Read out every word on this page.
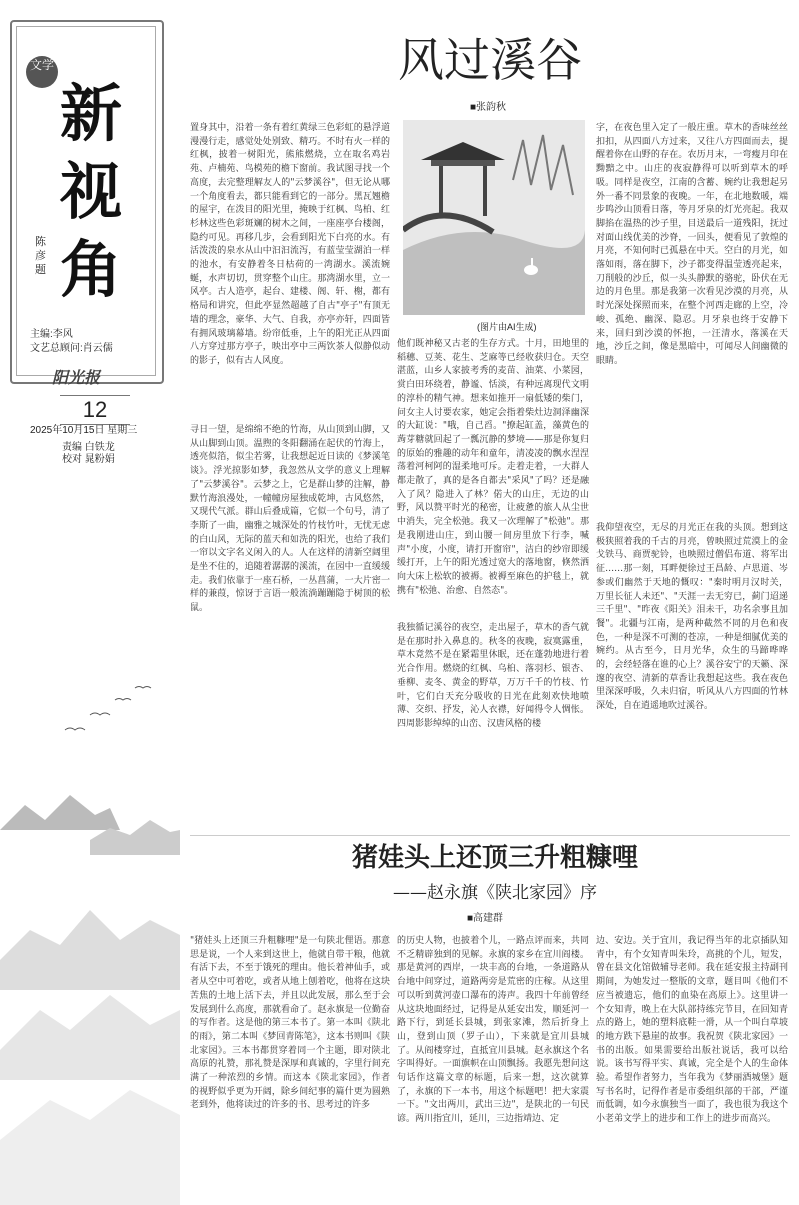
文学
新视角
陈彦题
主编:李风
文艺总顾问:肖云儒
阳光报
12
2025年10月15日 星期三
责编 白铁龙
校对 晁粉娟
风过溪谷
■张韵秋
置身其中，沿着一条有着红黄绿三色彩虹的悬浮道漫漫行走，感觉处处别致、精巧。不时有火一样的红枫，披着一树阳光，熊熊燃烧，立在取名鸡岩苑、卢楠苑、鸟模苑的檐下窗前。我试图寻找一个高度，去完整理解友人的"云梦溪谷"，但无论从哪一个角度看去，都只能看到它的一部分。黑瓦翘檐的屋宇，在泼目的阳光里，掩映于红枫、鸟柏、红杉林这些色彩斑斓的树木之间，一座座亭台楼阁，隐约可见。再移几步，会看到阳光下白亮的水。有活泼泼的泉水从山中汩汩流泻，有蓝莹莹湖泊一样的池水，有安静着冬日枯荷的一湾湖水。溪流婉蜒，水声切切，贯穿整个山庄。那湾湖水里，立一风亭。古人造亭，起台、建楼、阁、轩、榭，都有格局和讲究，但此亭显然超越了自古"亭子"有顶无墙的理念，豪华、大气、自我，亦亭亦轩，四面皆有拥风玻璃幕墙。纷帘低垂，上午的阳光正从四面八方穿过那方亭子，映出亭中三两饮茶人似静似动的影子，似有古人风度。
寻日一望，是绵绵不绝的竹海，从山顶到山脚，又从山脚到山顶。温煦的冬阳翻涌在起伏的竹海上，透亮似箔，似尘若雾，让我想起近日读的《梦溪笔谈》。浮光掠影如梦，我忽然从文学的意义上理解了"云梦溪谷"。云梦之上，它是群山梦的注解，静默竹海浪漫处，一幢幢房屋独成乾坤，古风悠然，又现代气派。群山后叠成篇，它似一个句号，清了李斯了一曲，幽雅之城深处的竹枝竹叶，无忧无虑的白山风，无际的蓝天和如洗的阳光，也给了我们一帘以文字名义闲入的人。人在这样的清新空阔里是坐不住的，追随着潺潺的溪流，在园中一直缓缓走。我们依靠于一座石桥，一丛菖蒲，一大片密一样的兼葭，惊讶于言语一般流淌蹦蹦隐于树顶的松鼠。
(图片由AI生成)
他们既神秘又古老的生存方式。十月，田地里的稻穗、豆荚、花生、芝麻等已经收获归仓。天空湛蓝，山乡人家披考秀的麦苗、油菜、小菜园，赏白田环绕着，静谧、恬淡，有种远离现代文明的淳朴的精气神。想来如推开一扇低矮的柴门，问女主人讨要农家，她定会指着柴灶边洞泽幽深的大缸说："哦，自己舀。"撩起缸盖，藻黄色的蒟芽糖就回起了一瓢沉静的梦境——那是你复归的原始的雅趣的动年和童年，清凌凌的飘水涅涅荡着河柯阿的湿柔地可斥。走着走着，一大群人都走散了，真的是各自都去"采风"了吗？还是融入了风？隐进入了林？偌大的山庄，无边的山野，风以赞平时光的秘密，让疲惫的旅人从尘世中消失，完全松弛。我又一次理解了"松弛"。那是我刚进山庄，到山腰一间房里放下行李，喊声"小度，小度，请打开窗帘"，洁白的纱帘即缓缓打开，上午的阳光透过宽大的落地窗，倏然洒向大床上松软的被褥。被褥至麻色的护毯上，就携有"松弛、治愈、自然态"。
我独循记溪谷的夜空，走出屋子，草木的香气就是在那时扑入鼻息的。秋冬的夜晚，寂寞露重，草木竟然不是在紧霜里休眠，还在蓬勃地进行着光合作用。燃烧的红枫、乌桕、落羽杉、银杏、垂柳、麦冬、黄金的野草，万万千千的竹枝、竹叶，它们白天充分吸收的日光在此刻欢快地喷薄、交织、抒发，沁人衣襟，好闻得令人惆怅。四周影影绰绰的山峦、汉唐风格的楼
字，在夜色里入定了一般庄重。草木的香味丝丝扣扣，从四面八方过来，又往八方四面而去，提醒着你在山野的存在。农历月末，一弯瘦月印在黝黯之中。山庄的夜寂静得可以听到草木的呼吸。同样是夜空，江南的含蓄、婉约让我想起另外一番不同景象的夜晚。一年，在北地数暖，端步鸣沙山顶看日落，等月牙泉的灯光亮起。我双脚掐在温热的沙子里，目送最后一道残阳，抚过对面山线优美的沙脊，一回头，便看见了敦煌的月亮，不知何时已孤悬在中天。空白的月光，如落如雨，落在脚下，沙子都变得温莹透亮起来，刀削般的沙丘，似一头头静默的骆驼，卧伏在无边的月色里。那是我第一次看见沙漠的月亮，从时光深处探照而来，在整个河西走廊的上空，冷峻、孤绝、幽深、隐忍。月牙泉也终于安静下来，回归到沙漠的怀抱，一汪清水，落溪在天地，沙丘之间，像是黑暗中，可闻尽人间幽微的眼睛。
我仰望夜空，无尽的月光正在我的头顶。想到这极狭照着我的千古的月亮，曾映照过荒漠上的金戈铁马、商贾驼铃，也映照过僧侣布道、将军出征……那一刻，耳畔便徐过王昌龄、卢思道、岑参或们幽然于天地的慨叹："秦时明月汉时关，万里长征人未还"、"天涯一去无穷已，蓟门迢递三千里"、"昨夜《阳关》泪未干，功名余事且加餐"。北疆与江南，是两种截然不同的月色和夜色，一种是深不可测的苍凉，一种是细腻优美的婉约。从古至今，日月光华，众生的马蹄哗哗的，会经轻落在谁的心上？溪谷安宁的天籁、深邃的夜空、清新的草香让我想起这些。我在夜色里深深呼吸，久未归宿，听风从八方四面的竹林深处，自在逍遥地吹过溪谷。
猪娃头上还顶三升粗糠哩
——赵永旗《陕北家园》序
■高建群
"猪娃头上还顶三升粗糠哩"是一句陕北俚语。那意思是说，一个人来到这世上，他就自带干粮，他就有活下去，不至于饿死的理由。他长着神仙手，或者从空中可着吃，或者从地上刨着吃，他将在这块苦焦的土地上活下去，并且以此发展，那么至于会发展到什么高度，那就看命了。赵永旗是一位勤奋的写作者。这是他的第三本书了。第一本叫《陕北的雨》，第二本叫《梦回青陈笔》，这本书则叫《陕北家园》。三本书都贯穿着同一个主题，即对陕北高原的礼赞，那礼赞是深厚和真诚的，字里行间充满了一种浓烈的乡情。而这本《陕北家园》，作者的视野似乎更为开阔，除乡间纪事的篇什更为圆熟老到外，他将读过的许多的书、思考过的许多
的历史人物，也披着个儿，一路点评而来，共同不乏精辟独到的见解。永旗的家乡在宜川阎楼。那是黄河的西岸，一块丰高的台地，一条道路从台地中间穿过，道路两旁是荒密的庄稼。从这里可以听到黄河壶口瀑布的涛声。我四十年前曾经从这块地面经过，记得是从延安出发，顺延河一路下行，到延长县城，到张家滩，然后折身上山，登到山顶（罗子山），下来就是宜川县城了。从阎楼穿过，直抵宜川县城。赵永旗这个名字叫得好。一面旗帜在山顶飘扬。我愿先想问这句话作这篇文章的标题，后来一想，这次就算了，永旗的下一本书，用这个标题吧！把大家震一下。"文出两川，武出三边"，是陕北的一句民谚。两川指宜川，延川，三边指靖边、定
边、安边。关于宜川，我记得当年的北京插队知青中，有个女知青叫朱玲，高挑的个儿，短发，曾在县文化馆做辅导老师。我在延安报主持副刊期间，为她发过一整版的文章，题目叫《他们不应当被遗忘，他们的血染在高原上》。这里讲一个女知青，晚上在大队部持练完节目，在回知青点的路上，她的塑料底鞋一滑，从一个叫白草坡的地方跌下悬崖的故事。我祝贺《陕北家园》一书的出版。如果需要给出版社说话，我可以给说。该书写得平实、真诚，完全是个人的生命体验。希望作者努力，当年我为《梦丽酒城堡》题写书名时，记得作者是市委组织部的干部，严谨而低调，如今永旗独当一面了，我也很为我这个小老弟文学上的进步和工作上的进步而高兴。
